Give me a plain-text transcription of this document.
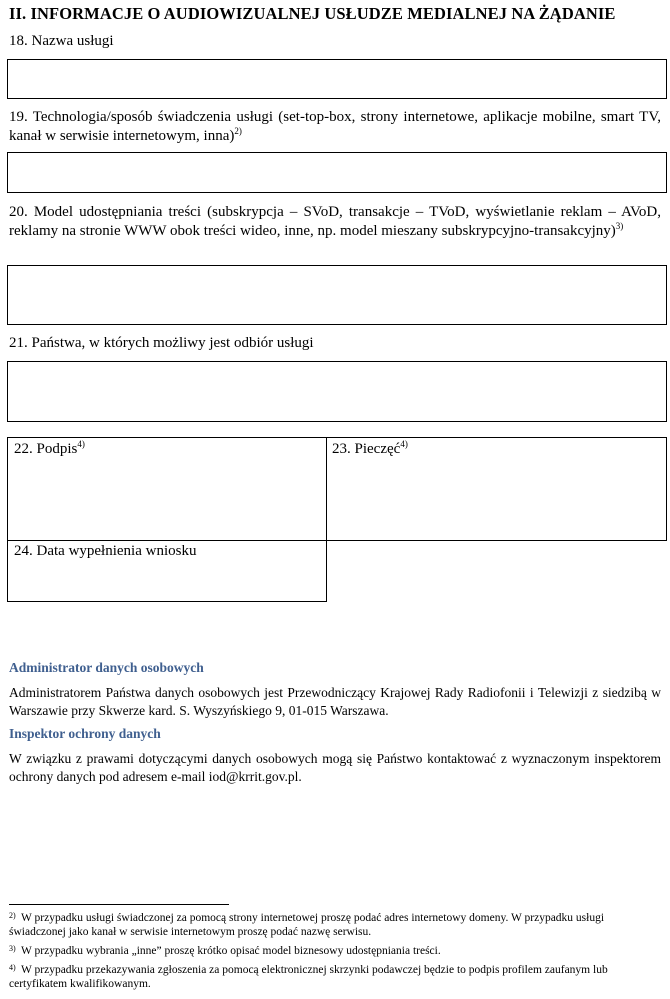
II. INFORMACJE O AUDIOWIZUALNEJ USŁUDZE MEDIALNEJ NA ŻĄDANIE
18. Nazwa usługi
19. Technologia/sposób świadczenia usługi (set-top-box, strony internetowe, aplikacje mobilne, smart TV, kanał w serwisie internetowym, inna)$^{2)}$
20. Model udostępniania treści (subskrypcja – SVoD, transakcje – TVoD, wyświetlanie reklam – AVoD, reklamy na stronie WWW obok treści wideo, inne, np. model mieszany subskrypcyjno-transakcyjny)$^{3)}$
21. Państwa, w których możliwy jest odbiór usługi
22. Podpis$^{4)}$	23. Pieczęć$^{4)}$
24. Data wypełnienia wniosku
Administrator danych osobowych
Administratorem Państwa danych osobowych jest Przewodniczący Krajowej Rady Radiofonii i Telewizji z siedzibą w Warszawie przy Skwerze kard. S. Wyszyńskiego 9, 01-015 Warszawa.
Inspektor ochrony danych
W związku z prawami dotyczącymi danych osobowych mogą się Państwo kontaktować z wyznaczonym inspektorem ochrony danych pod adresem e-mail iod@krrit.gov.pl.
2) W przypadku usługi świadczonej za pomocą strony internetowej proszę podać adres internetowy domeny. W przypadku usługi świadczonej jako kanał w serwisie internetowym proszę podać nazwę serwisu.
3) W przypadku wybrania „inne” proszę krótko opisać model biznesowy udostępniania treści.
4) W przypadku przekazywania zgłoszenia za pomocą elektronicznej skrzynki podawczej będzie to podpis profilem zaufanym lub certyfikatem kwalifikowanym.
